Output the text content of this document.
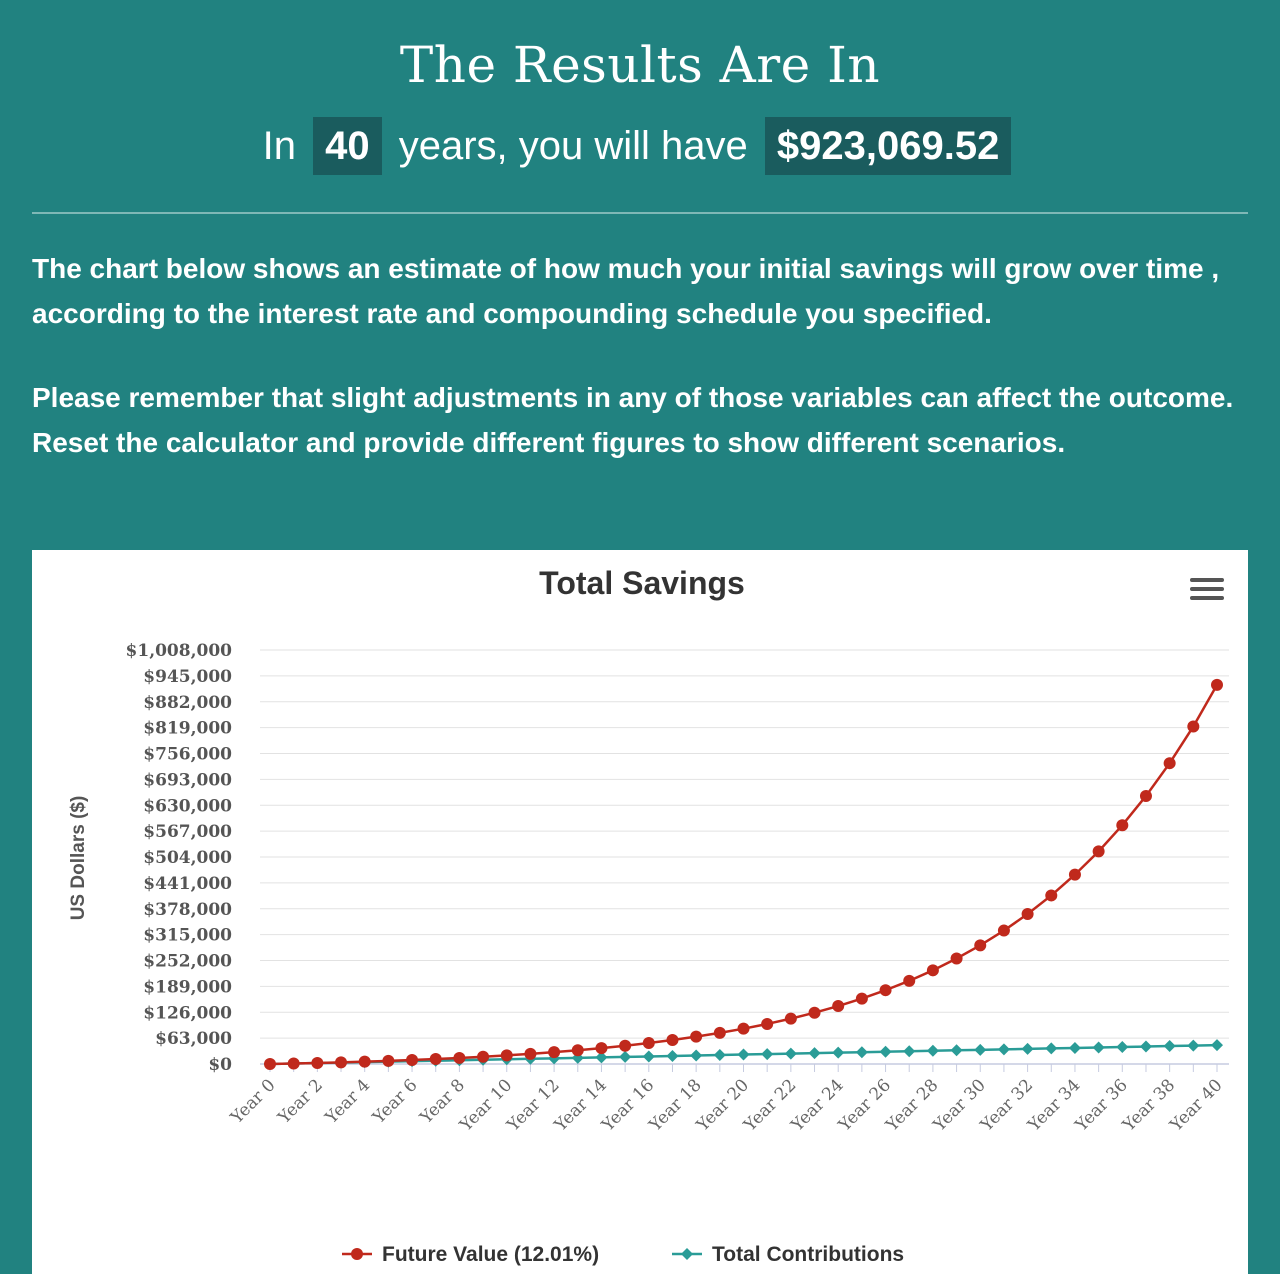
The Results Are In
In 40 years, you will have $923,069.52

The chart below shows an estimate of how much your initial savings will grow over time , according to the interest rate and compounding schedule you specified.

Please remember that slight adjustments in any of those variables can affect the outcome. Reset the calculator and provide different figures to show different scenarios.

Total Savings
$0
$63,000
$126,000
$189,000
$252,000
$315,000
$378,000
$441,000
$504,000
$567,000
$630,000
$693,000
$756,000
$819,000
$882,000
$945,000
$1,008,000
Year 0
Year 2
Year 4
Year 6
Year 8
Year 10
Year 12
Year 14
Year 16
Year 18
Year 20
Year 22
Year 24
Year 26
Year 28
Year 30
Year 32
Year 34
Year 36
Year 38
Year 40
US Dollars ($)
Future Value (12.01%)	Total Contributions
